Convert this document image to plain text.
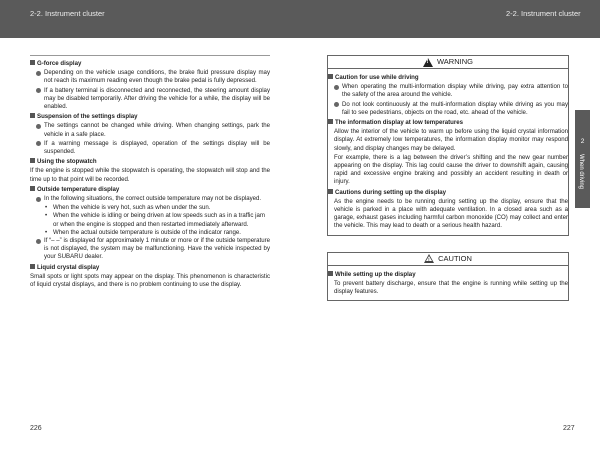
2-2. Instrument cluster	2-2. Instrument cluster
G-force display
Depending on the vehicle usage conditions, the brake fluid pressure display may not reach its maximum reading even though the brake pedal is fully depressed.
If a battery terminal is disconnected and reconnected, the steering amount display may be disabled temporarily. After driving the vehicle for a while, the display will be enabled.
Suspension of the settings display
The settings cannot be changed while driving. When changing settings, park the vehicle in a safe place.
If a warning message is displayed, operation of the settings display will be suspended.
Using the stopwatch
If the engine is stopped while the stopwatch is operating, the stopwatch will stop and the time up to that point will be recorded.
Outside temperature display
In the following situations, the correct outside temperature may not be displayed.
• When the vehicle is very hot, such as when under the sun.
• When the vehicle is idling or being driven at low speeds such as in a traffic jam or when the engine is stopped and then restarted immediately afterward.
• When the actual outside temperature is outside of the indicator range.
If “– –” is displayed for approximately 1 minute or more or if the outside temperature is not displayed, the system may be malfunctioning. Have the vehicle inspected by your SUBARU dealer.
Liquid crystal display
Small spots or light spots may appear on the display. This phenomenon is characteristic of liquid crystal displays, and there is no problem continuing to use the display.
!
WARNING
Caution for use while driving
When operating the multi-information display while driving, pay extra attention to the safety of the area around the vehicle.
Do not look continuously at the multi-information display while driving as you may fail to see pedestrians, objects on the road, etc. ahead of the vehicle.
The information display at low temperatures
Allow the interior of the vehicle to warm up before using the liquid crystal information display. At extremely low temperatures, the information display monitor may respond slowly, and display changes may be delayed.
For example, there is a lag between the driver’s shifting and the new gear number appearing on the display. This lag could cause the driver to downshift again, causing rapid and excessive engine braking and possibly an accident resulting in death or injury.
Cautions during setting up the display
As the engine needs to be running during setting up the display, ensure that the vehicle is parked in a place with adequate ventilation. In a closed area such as a garage, exhaust gases including harmful carbon monoxide (CO) may collect and enter the vehicle. This may lead to death or a serious health hazard.
! CAUTION
While setting up the display
To prevent battery discharge, ensure that the engine is running while setting up the display features.
2
When driving
226	227
